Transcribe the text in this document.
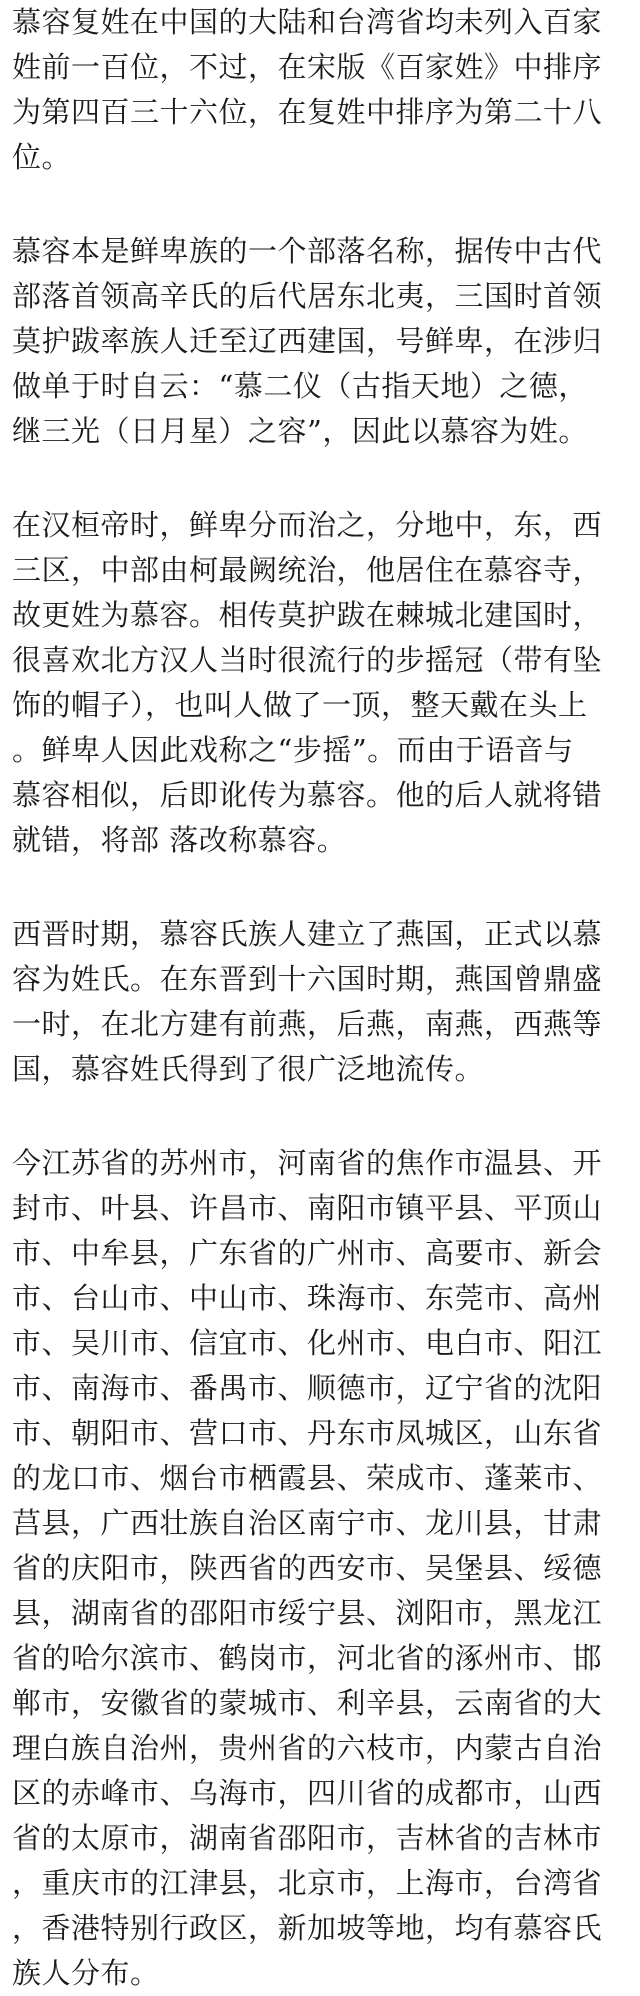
慕容复姓在中国的大陆和台湾省均未列入百家
姓前一百位，不过，在宋版《百家姓》中排序
为第四百三十六位，在复姓中排序为第二十八
位。
慕容本是鲜卑族的一个部落名称，据传中古代
部落首领高辛氏的后代居东北夷，三国时首领
莫护跋率族人迁至辽西建国，号鲜卑，在涉归
做单于时自云：“慕二仪（古指天地）之德，
继三光（日月星）之容”，因此以慕容为姓。
在汉桓帝时，鲜卑分而治之，分地中，东，西
三区，中部由柯最阙统治，他居住在慕容寺，
故更姓为慕容。相传莫护跋在棘城北建国时，
很喜欢北方汉人当时很流行的步摇冠（带有坠
饰的帽子），也叫人做了一顶，整天戴在头上
。鲜卑人因此戏称之“步摇”。而由于语音与
慕容相似，后即讹传为慕容。他的后人就将错
就错，将部 落改称慕容。
西晋时期，慕容氏族人建立了燕国，正式以慕
容为姓氏。在东晋到十六国时期，燕国曾鼎盛
一时，在北方建有前燕，后燕，南燕，西燕等
国，慕容姓氏得到了很广泛地流传。
今江苏省的苏州市，河南省的焦作市温县、开
封市、叶县、许昌市、南阳市镇平县、平顶山
市、中牟县，广东省的广州市、高要市、新会
市、台山市、中山市、珠海市、东莞市、高州
市、吴川市、信宜市、化州市、电白市、阳江
市、南海市、番禺市、顺德市，辽宁省的沈阳
市、朝阳市、营口市、丹东市凤城区，山东省
的龙口市、烟台市栖霞县、荣成市、蓬莱市、
莒县，广西壮族自治区南宁市、龙川县，甘肃
省的庆阳市，陕西省的西安市、吴堡县、绥德
县，湖南省的邵阳市绥宁县、浏阳市，黑龙江
省的哈尔滨市、鹤岗市，河北省的涿州市、邯
郸市，安徽省的蒙城市、利辛县，云南省的大
理白族自治州，贵州省的六枝市，内蒙古自治
区的赤峰市、乌海市，四川省的成都市，山西
省的太原市，湖南省邵阳市，吉林省的吉林市
，重庆市的江津县，北京市，上海市，台湾省
，香港特别行政区，新加坡等地，均有慕容氏
族人分布。
